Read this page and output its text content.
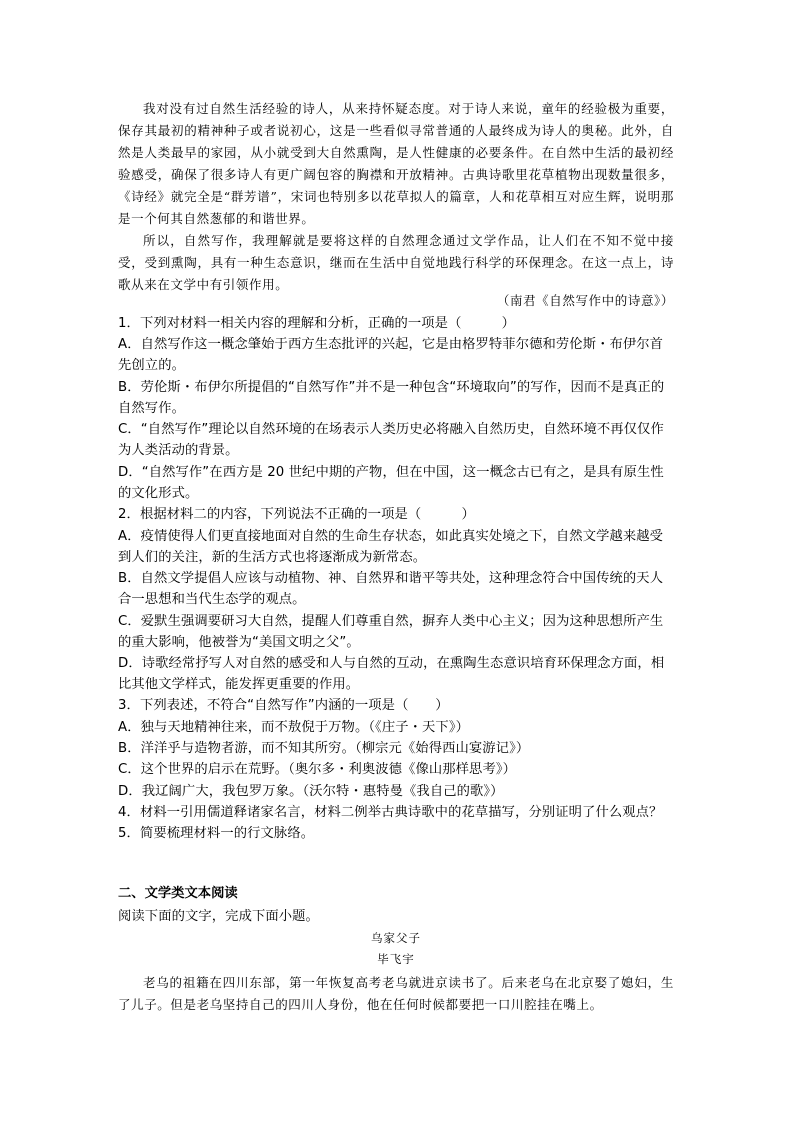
我对没有过自然生活经验的诗人，从来持怀疑态度。对于诗人来说，童年的经验极为重要，保存其最初的精神种子或者说初心，这是一些看似寻常普通的人最终成为诗人的奥秘。此外，自然是人类最早的家园，从小就受到大自然熏陶，是人性健康的必要条件。在自然中生活的最初经验感受，确保了很多诗人有更广阔包容的胸襟和开放精神。古典诗歌里花草植物出现数量很多，《诗经》就完全是“群芳谱”，宋词也特别多以花草拟人的篇章，人和花草相互对应生辉，说明那是一个何其自然葱郁的和谐世界。

所以，自然写作，我理解就是要将这样的自然理念通过文学作品，让人们在不知不觉中接受，受到熏陶，具有一种生态意识，继而在生活中自觉地践行科学的环保理念。在这一点上，诗歌从来在文学中有引领作用。

（南君《自然写作中的诗意》）

1．下列对材料一相关内容的理解和分析，正确的一项是（　　　）

A．自然写作这一概念肇始于西方生态批评的兴起，它是由格罗特菲尔德和劳伦斯・布伊尔首先创立的。

B．劳伦斯・布伊尔所提倡的“自然写作”并不是一种包含“环境取向”的写作，因而不是真正的自然写作。

C．“自然写作”理论以自然环境的在场表示人类历史必将融入自然历史，自然环境不再仅仅作为人类活动的背景。

D．“自然写作”在西方是 20 世纪中期的产物，但在中国，这一概念古已有之，是具有原生性的文化形式。

2．根据材料二的内容，下列说法不正确的一项是（　　　）

A．疫情使得人们更直接地面对自然的生命生存状态，如此真实处境之下，自然文学越来越受到人们的关注，新的生活方式也将逐渐成为新常态。

B．自然文学提倡人应该与动植物、神、自然界和谐平等共处，这种理念符合中国传统的天人合一思想和当代生态学的观点。

C．爱默生强调要研习大自然，提醒人们尊重自然，摒弃人类中心主义；因为这种思想所产生的重大影响，他被誉为“美国文明之父”。

D．诗歌经常抒写人对自然的感受和人与自然的互动，在熏陶生态意识培育环保理念方面，相比其他文学样式，能发挥更重要的作用。

3．下列表述，不符合“自然写作”内涵的一项是（　　）

A．独与天地精神往来，而不敖倪于万物。（《庄子・天下》）

B．洋洋乎与造物者游，而不知其所穷。（柳宗元《始得西山宴游记》）

C．这个世界的启示在荒野。（奥尔多・利奥波德《像山那样思考》）

D．我辽阔广大，我包罗万象。（沃尔特・惠特曼《我自己的歌》）

4．材料一引用儒道释诸家名言，材料二例举古典诗歌中的花草描写，分别证明了什么观点？

5．简要梳理材料一的行文脉络。

二、文学类文本阅读

阅读下面的文字，完成下面小题。

乌家父子
毕飞宇

老乌的祖籍在四川东部，第一年恢复高考老乌就进京读书了。后来老乌在北京娶了媳妇，生了儿子。但是老乌坚持自己的四川人身份，他在任何时候都要把一口川腔挂在嘴上。
